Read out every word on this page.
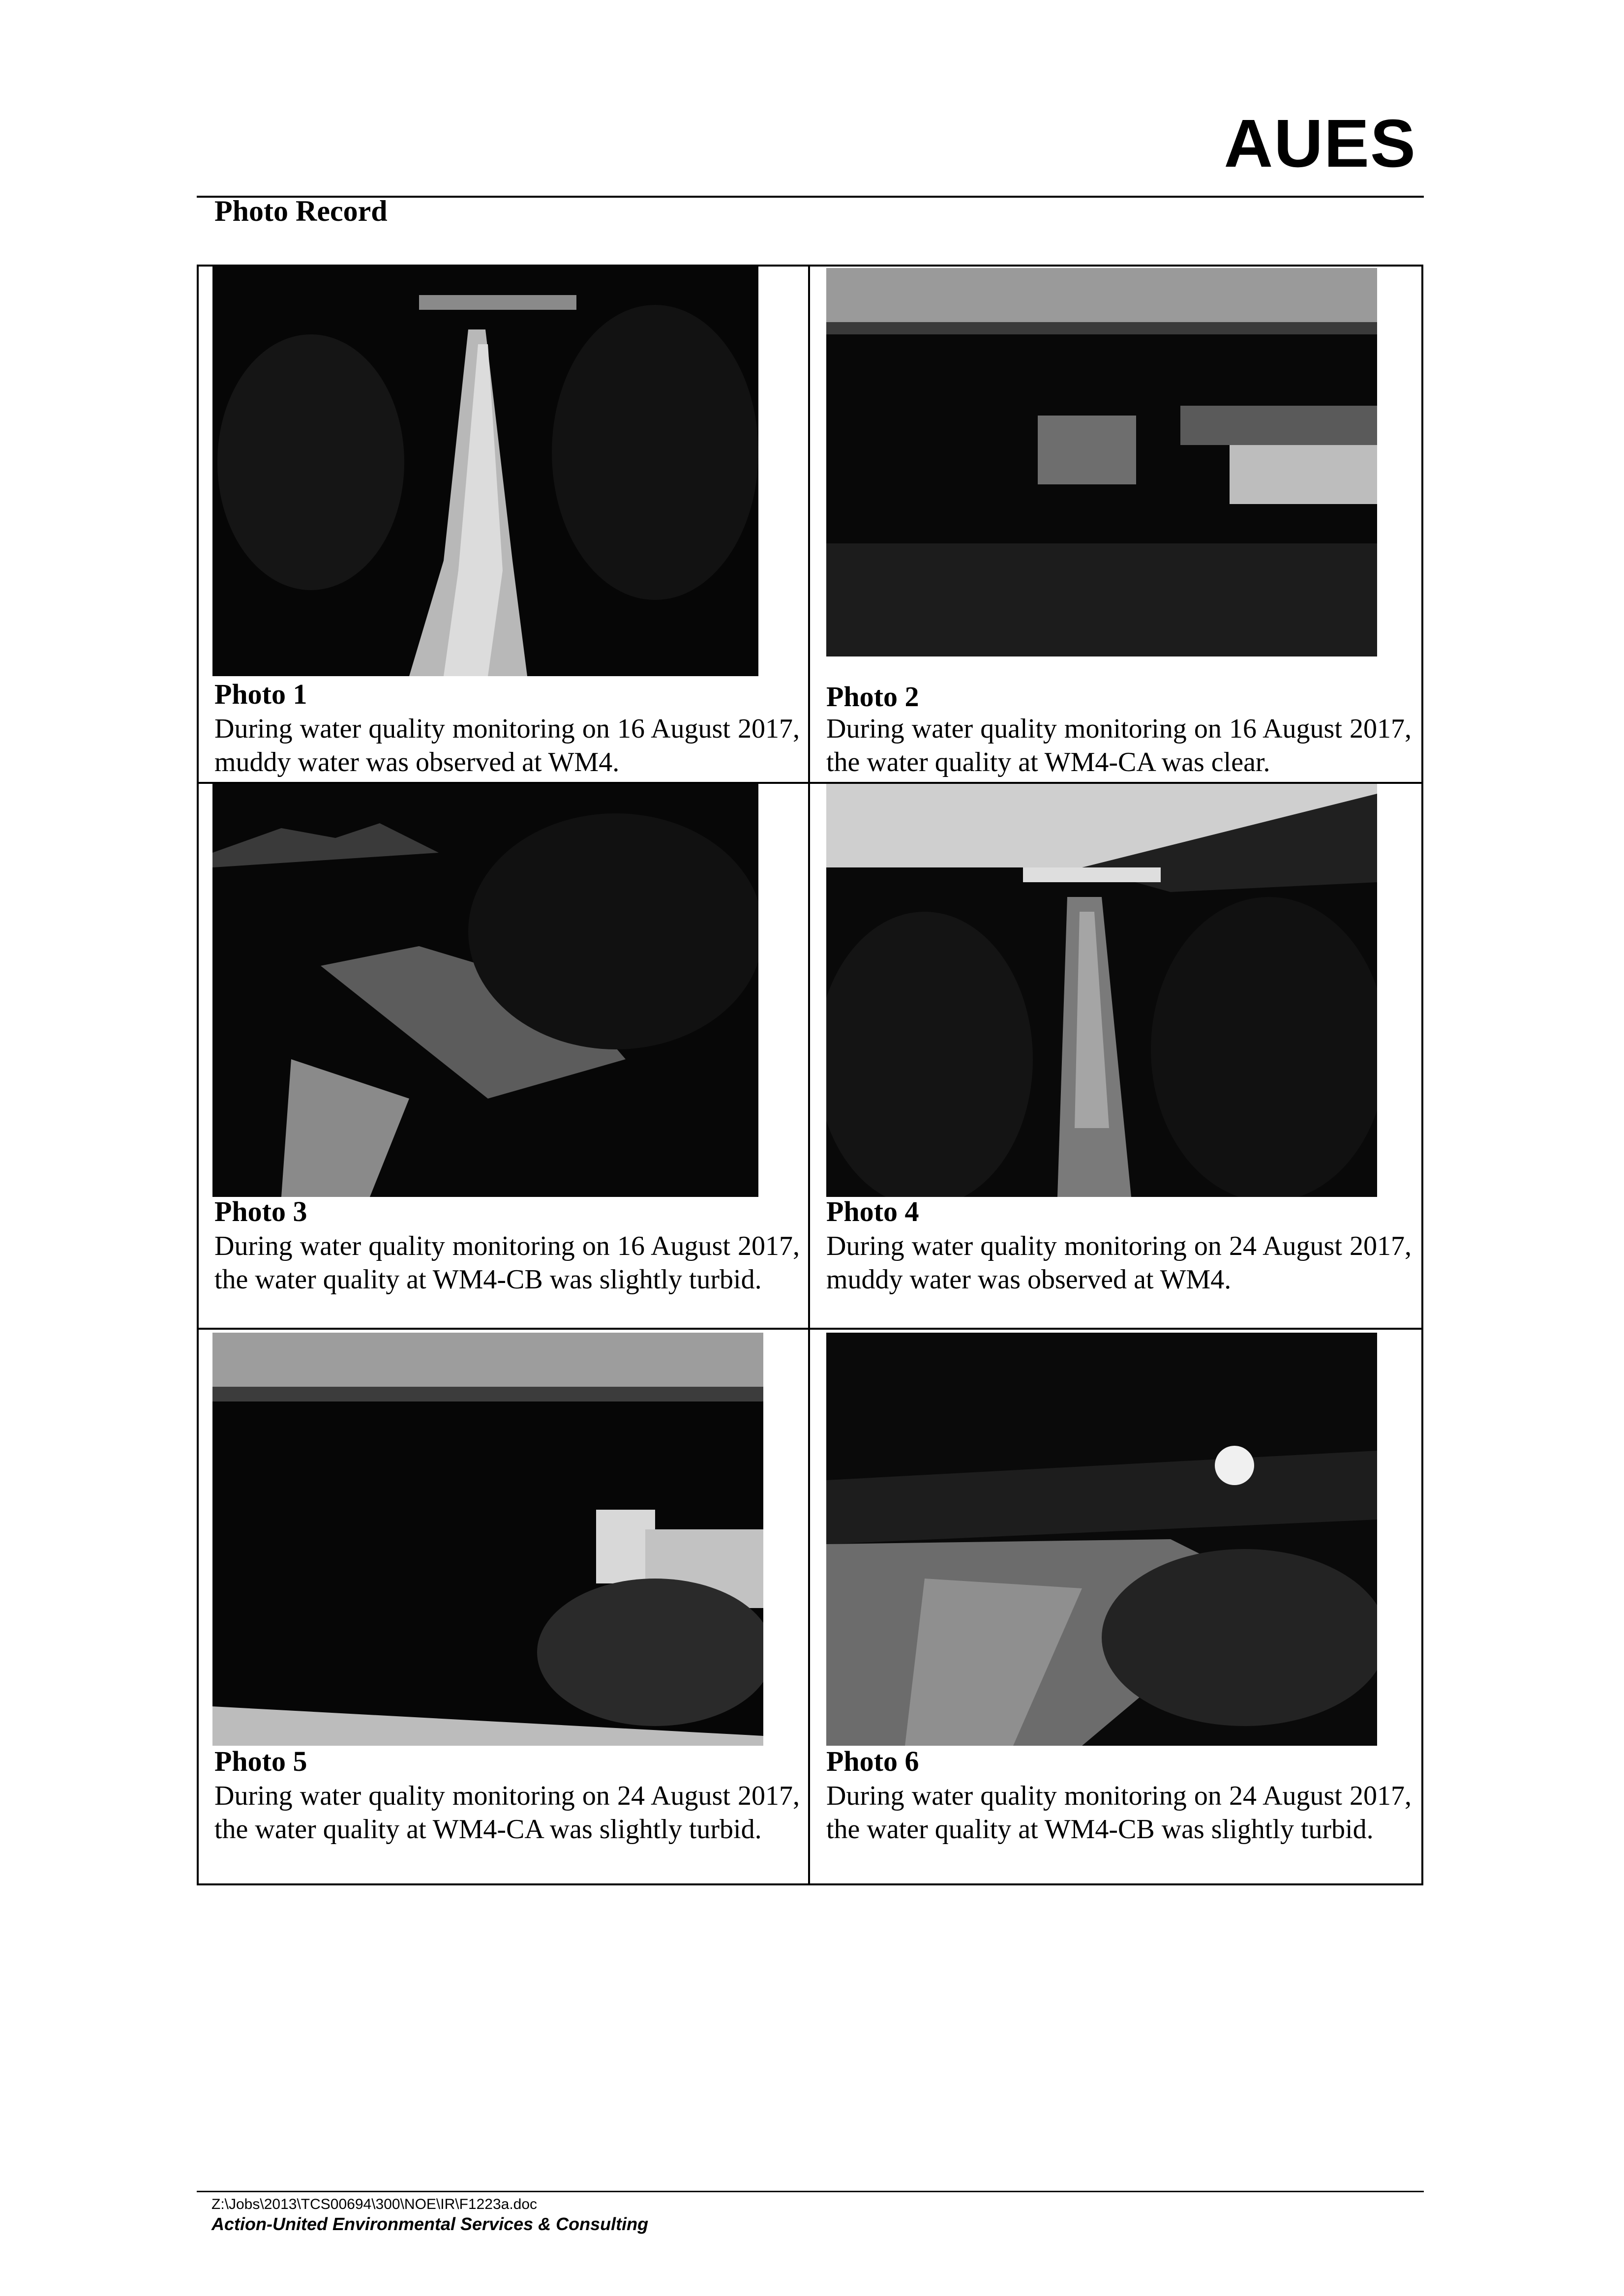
AUES
Photo Record
Photo 1
During water quality monitoring on 16 August 2017, muddy water was observed at WM4.
Photo 2
During water quality monitoring on 16 August 2017, the water quality at WM4-CA was clear.
Photo 3
During water quality monitoring on 16 August 2017, the water quality at WM4-CB was slightly turbid.
Photo 4
During water quality monitoring on 24 August 2017, muddy water was observed at WM4.
Photo 5
During water quality monitoring on 24 August 2017, the water quality at WM4-CA was slightly turbid.
Photo 6
During water quality monitoring on 24 August 2017, the water quality at WM4-CB was slightly turbid.
Z:\Jobs\2013\TCS00694\300\NOE\IR\F1223a.doc
Action-United Environmental Services & Consulting
